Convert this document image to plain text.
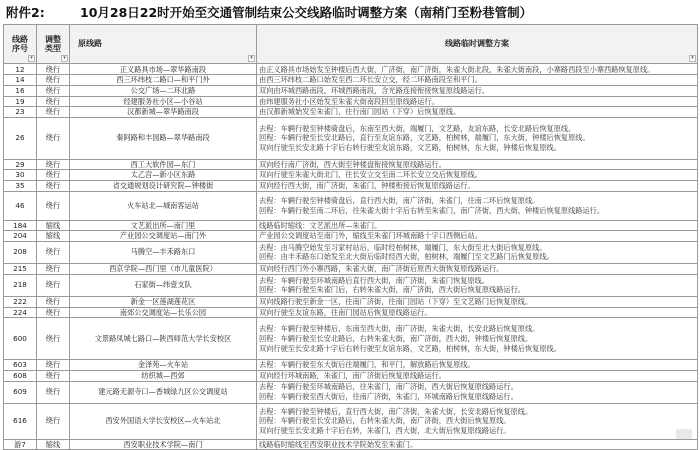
附件2:	10月28日22时开始至交通管制结束公交线路临时调整方案（南稍门至粉巷管制）

线路
序号

▾	调整
类型

▾	原线路
▾	线路临时调整方案
▾

12	绕行	正义路具市场—翠华路南段	由正义路具市场始发至钟楼后西大街，广济街，南广济街，朱雀大街北段，朱雀大街南段，小寨路西段至小寨西路恢复原线。
14	绕行	西三环纬枝二路口—和平门外	由西三环纬枝二路口始发至西二环长安立交，经二环路南段至和平门。
16	绕行	公交广场—二环北路	双向由环城西路南段，环城西路南段，含光路连接衔接恢复原线路运行。
19	绕行	经建服务社小区—小谷站	由纬建服务社小区始发至朱雀大街南段回至原线路运行。
23	绕行	汉都新城—翠华路南段	由汉都新城始发至朱雀门，往行南门园站（下穿）后恢复原线。
26	绕行	秦阿路和丰园路—翠华路南段	去程：车辆行驶至钟楼骑盘后，东南至西大街，端履门，文艺路，友谊东路，长安北路后恢复原线。
回程：车辆行驶至长安北路后，直行至友谊东路，文艺路，柏树林，端履门，东大街，钟楼后恢复原线。
双向行驶至长安北路十字后右转行驶至友谊东路，文艺路，柏树林，东大街，钟楼后恢复原线。
29	绕行	西工大软件园—东门	双向经行南广济街，西大街至钟楼盘衔接恢复原线路运行。
30	绕行	太乙宫—新小区东路	双向行驶至朱雀大街北门，往长安立交至南二环长安立交后恢复原线。
35	绕行	省交通规划设计研究院—钟楼街	双向经行西大街，南广济街，朱雀门，钟楼衔接后恢复原线路运行。
46	绕行	火车站北—城南客运站	去程：车辆行驶至钟楼骑盘后，直行西大街，南广济街，朱雀门，往南二环后恢复原线。
回程：车辆行驶至南二环后，往朱雀大街十字后右转至朱雀门，南广济街，西大街，钟楼后恢复原线路运行。
184	缩线	文艺派出所—南门里	线路临时缩线：文艺派出所—朱雀门。
204	缩线	产业园公交调度站—南门外	产业园公交调度站至南门外，缩线至朱雀门环城南路十字口西侧后站。
208	绕行	马腾空—丰禾路东口	去程：由马腾空始发至习家村站后，临时经柏树林，端履门，东大街至北大街后恢复原线。
回程：由丰禾路东口始发至北大街后临时经西大街，柏树林，端履门至文艺路门后恢复原线。
215	绕行	西京学院—西门里（市儿童医院）	双向经行西门外小寨西路，朱雀大街，南广济街后原西大街恢复原线路运行。
218	绕行	石家街—纬壹支队	去程：车辆行驶至环城南路后直行西大街，南广济街，朱雀门恢复原线。
回程：车辆行驶至朱雀门后，右转朱雀大街，南广济街，西大街后恢复原线路运行。
222	绕行	新金一区莲湖莲花区	双向线路行驶至新金一区，往南广济街，往南门园站（下穿）至文艺路门后恢复原线。
224	绕行	南郊公交调度站—长乐公园	双向行驶至友谊东路，往南门园站后恢复原线路运行。
600	绕行	文景路凤城七路口—陕西师范大学长安校区	去程：车辆行驶至钟楼后，东南至西大街，南广济街，朱雀大街，长安北路后恢复原线。
回程：车辆行驶至长安北路后，右转朱雀大街，南广济街，西大街，钟楼后恢复原线。
双向行驶至长安北路十字后右转行驶至友谊东路，文艺路，柏树林，东大街，钟楼后恢复原线。
603	绕行	金泽苑—火车站	去程：车辆行驶至东大街后往端履门，和平门，解放路后恢复原线。
608	绕行	纺织城—西郊	双向经行环城南路，朱雀门，南广济街后恢复原线路运行。
609	绕行	建元路无源寺口—香城绿九区公交调度站	去程：车辆行驶至环城南路后，往朱雀门，南广济街，西大街后恢复原线路运行。
回程：车辆行驶至西大街后，往南广济街，朱雀门，环城南路后恢复原线路运行。
616	绕行	西安外国语大学长安校区—火车站北	去程：车辆行驶至钟楼后，直行西大街，南广济街，朱雀大街，长安北路后恢复原线。
回程：车辆行驶至长安北路后，右转朱雀大街，南广济街，西大街后恢复原线。
双向行驶至长安北路十字后右转，朱雀门，西大街，北大街后恢复原线路运行。
游7	缩线	西安职业技术学院—南门	线路临时缩线至西安职业技术学院始发至朱雀门。
